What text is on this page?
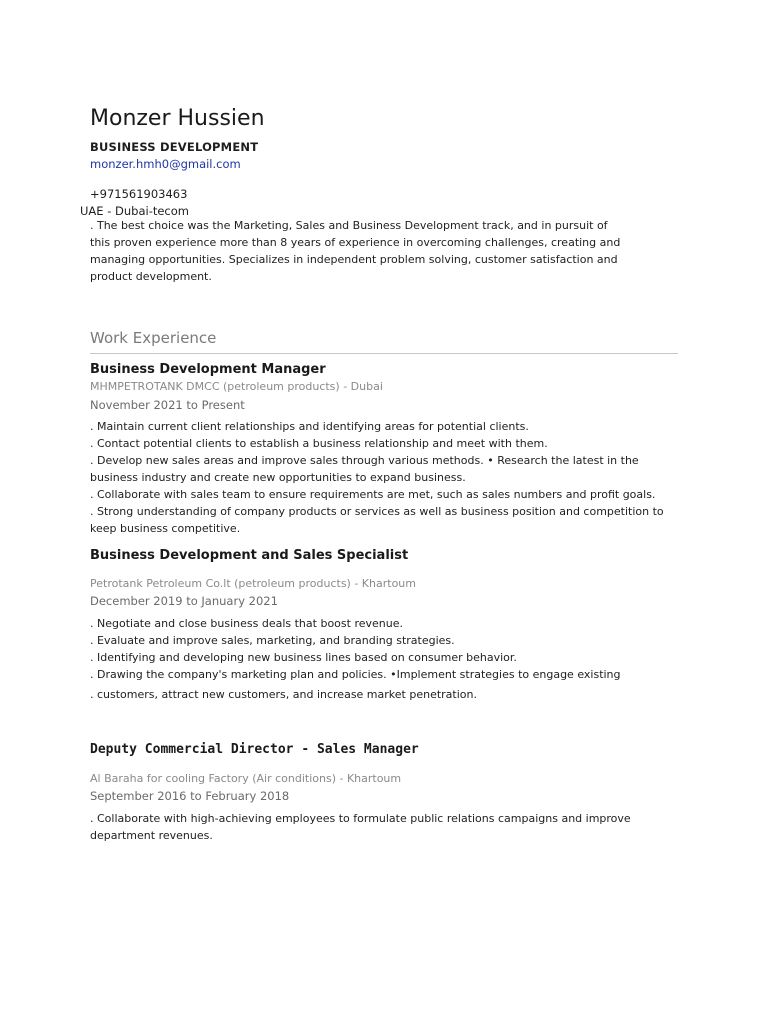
Monzer Hussien
BUSINESS DEVELOPMENT
monzer.hmh0@gmail.com
+971561903463
UAE - Dubai-tecom

. The best choice was the Marketing, Sales and Business Development track, and in pursuit of

this proven experience more than 8 years of experience in overcoming challenges, creating and

managing opportunities. Specializes in independent problem solving, customer satisfaction and

product development.

Work Experience
Business Development Manager
MHMPETROTANK DMCC (petroleum products) - Dubai
November 2021 to Present

. Maintain current client relationships and identifying areas for potential clients.

. Contact potential clients to establish a business relationship and meet with them.

. Develop new sales areas and improve sales through various methods. • Research the latest in the business industry and create new opportunities to expand business.

. Collaborate with sales team to ensure requirements are met, such as sales numbers and profit goals.

. Strong understanding of company products or services as well as business position and competition to keep business competitive.

Business Development and Sales Specialist
Petrotank Petroleum Co.lt (petroleum products) - Khartoum
December 2019 to January 2021

. Negotiate and close business deals that boost revenue.

. Evaluate and improve sales, marketing, and branding strategies.

. Identifying and developing new business lines based on consumer behavior.

. Drawing the company's marketing plan and policies. •Implement strategies to engage existing

. customers, attract new customers, and increase market penetration.

Deputy Commercial Director - Sales Manager
Al Baraha for cooling Factory (Air conditions) - Khartoum
September 2016 to February 2018

. Collaborate with high-achieving employees to formulate public relations campaigns and improve department revenues.
